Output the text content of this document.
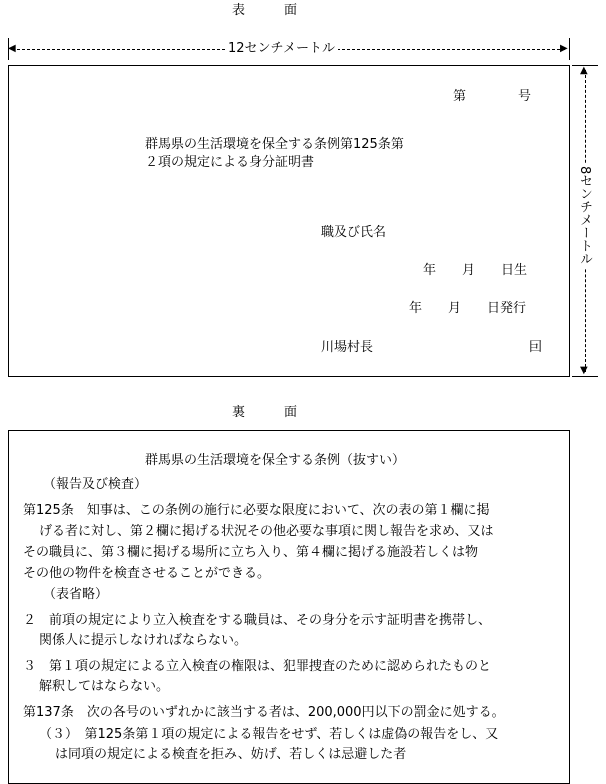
表　　　面
◀	▶
12センチメートル
▲
▼
8センチメートル
第　　　　号
群馬県の生活環境を保全する条例第125条第
２項の規定による身分証明書
職及び氏名
年　　月　　日生
年　　月　　日発行
川場村長	囙
裏　　　面
群馬県の生活環境を保全する条例（抜すい）
（報告及び検査）
第125条　知事は、この条例の施行に必要な限度において、次の表の第１欄に掲
げる者に対し、第２欄に掲げる状況その他必要な事項に関し報告を求め、又は
その職員に、第３欄に掲げる場所に立ち入り、第４欄に掲げる施設若しくは物
その他の物件を検査させることができる。
（表省略）
２　前項の規定により立入検査をする職員は、その身分を示す証明書を携帯し、
関係人に提示しなければならない。
３　第１項の規定による立入検査の権限は、犯罪捜査のために認められたものと
解釈してはならない。
第137条　次の各号のいずれかに該当する者は、200,000円以下の罰金に処する。
（３）　第125条第１項の規定による報告をせず、若しくは虚偽の報告をし、又
は同項の規定による検査を拒み、妨げ、若しくは忌避した者
